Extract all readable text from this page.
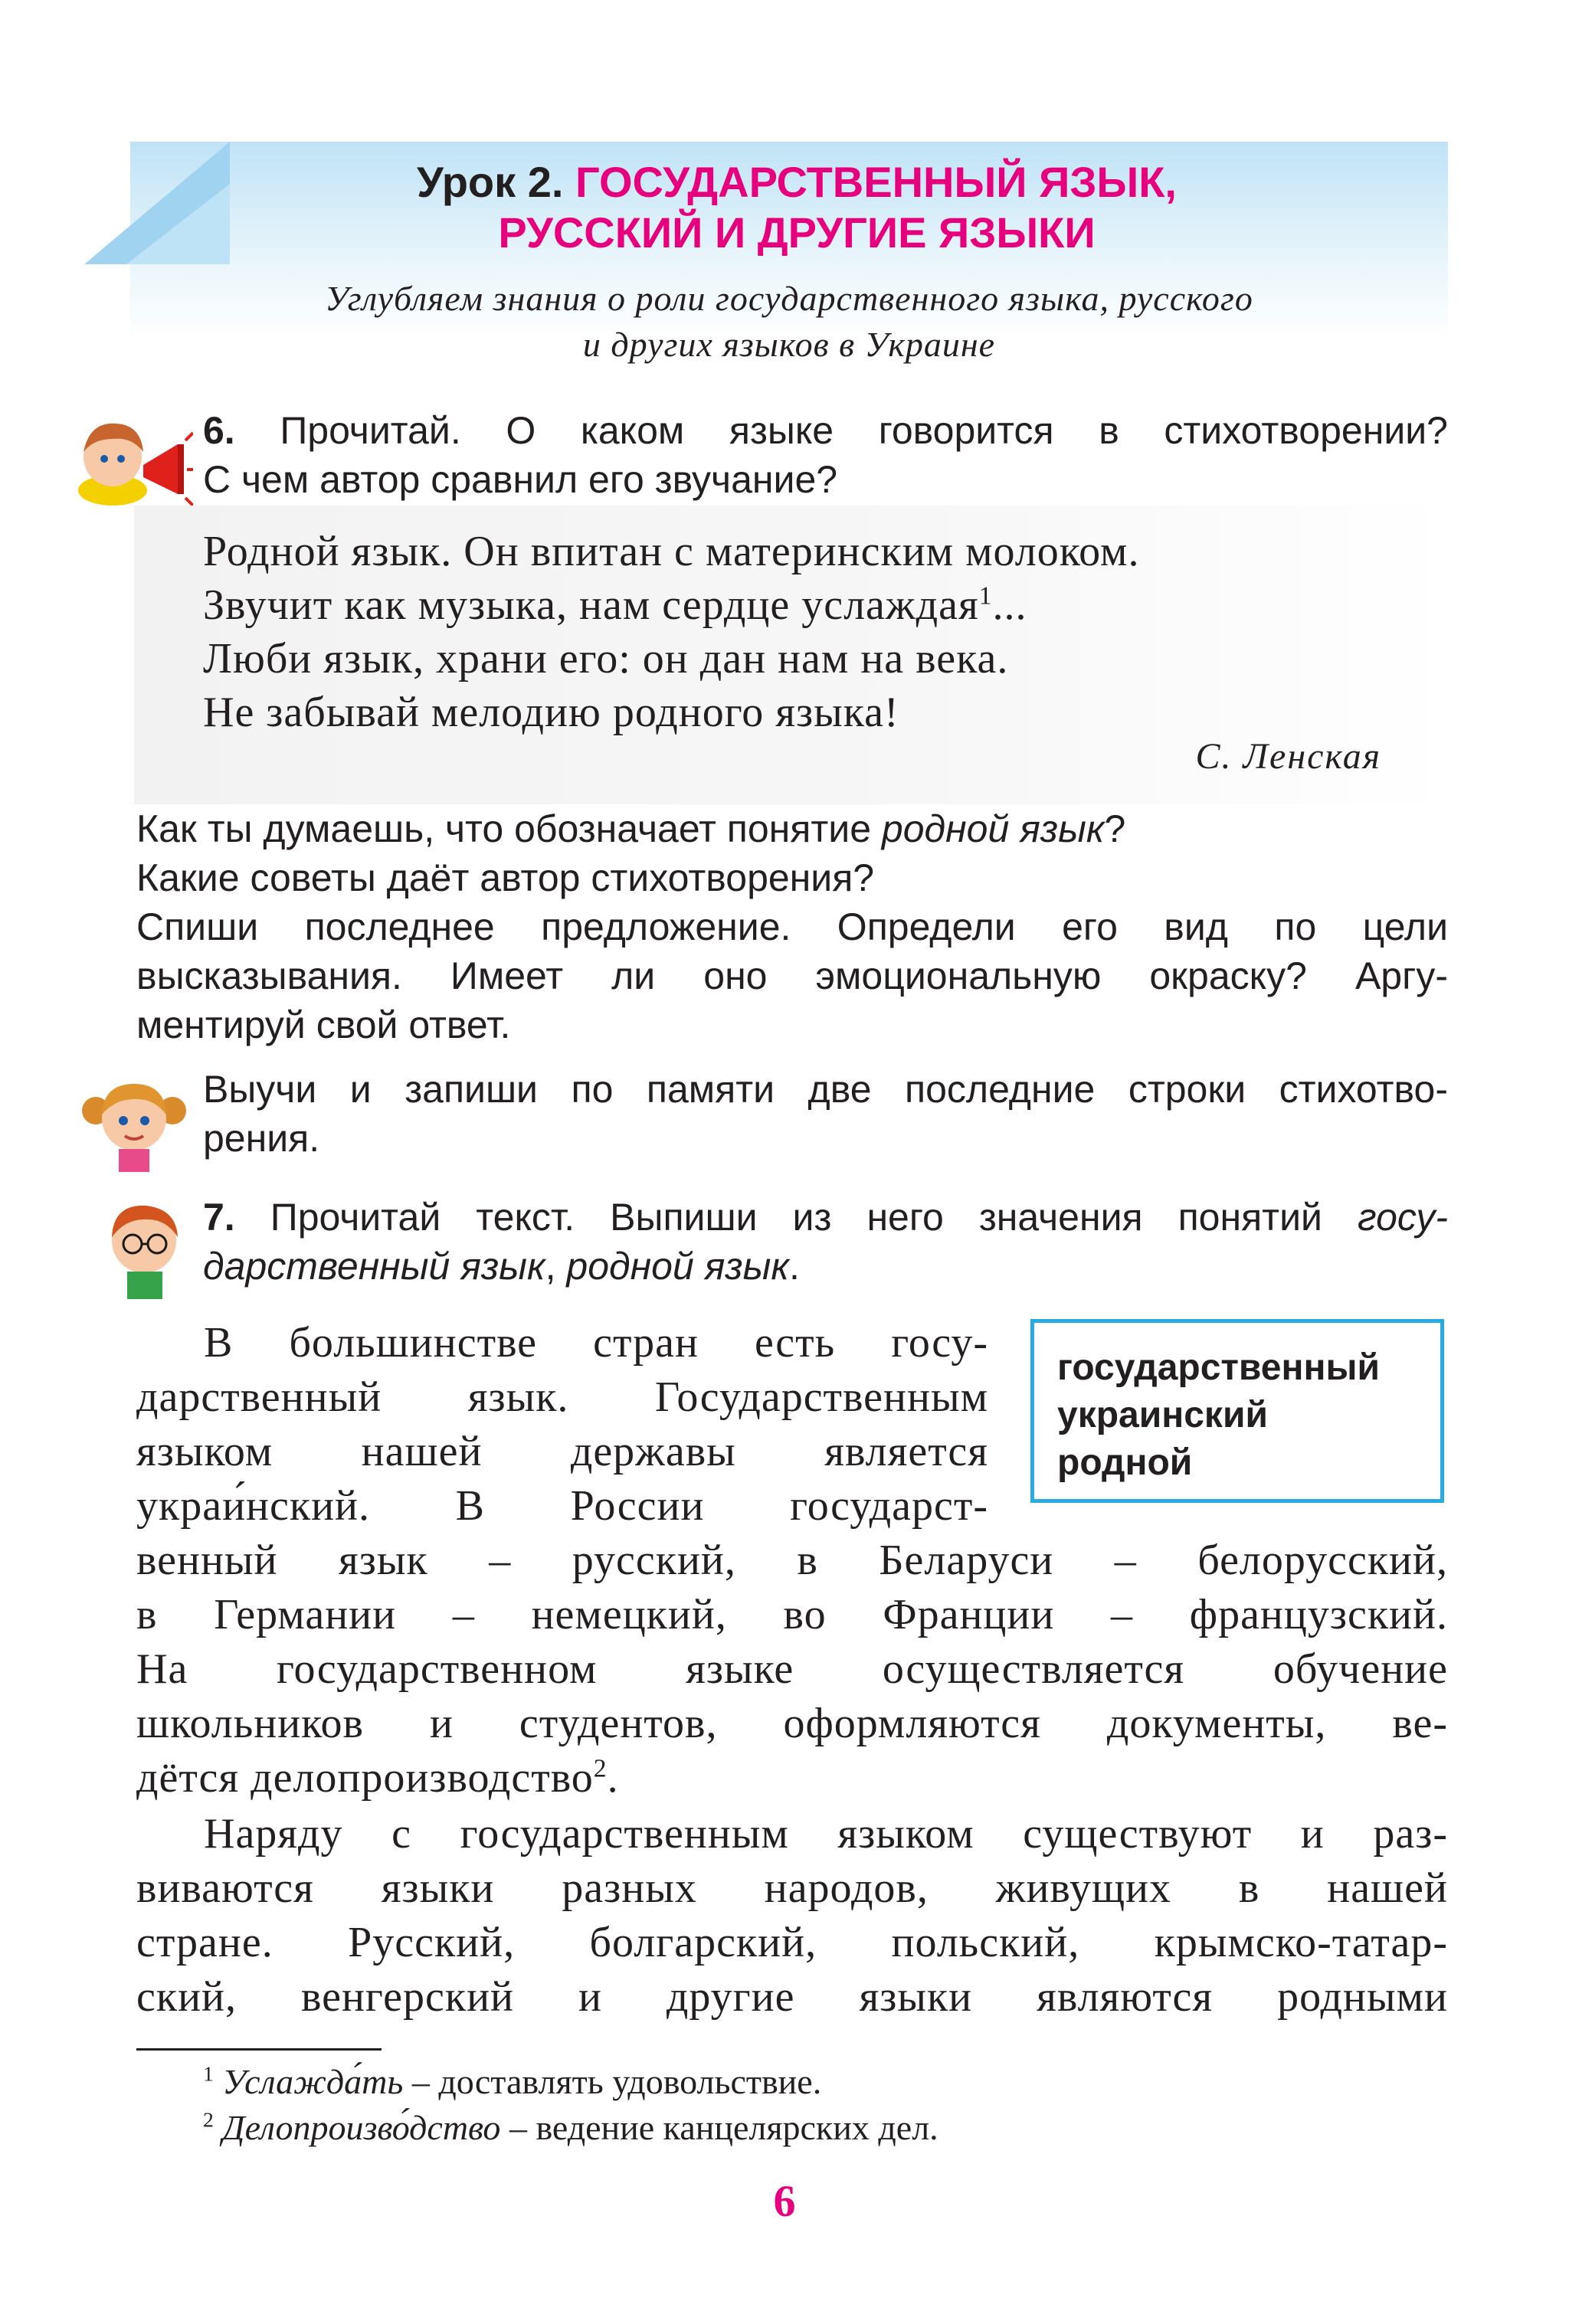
Урок 2. ГОСУДАРСТВЕННЫЙ ЯЗЫК,
РУССКИЙ И ДРУГИЕ ЯЗЫКИ
Углубляем знания о роли государственного языка, русского
и других языков в Украине
6. Прочитай. О каком языке говорится в стихотворении?
С чем автор сравнил его звучание?
Родной язык. Он впитан с материнским молоком.
Звучит как музыка, нам сердце услаждая$^1$...
Люби язык, храни его: он дан нам на века.
Не забывай мелодию родного языка!
С. Ленская
Как ты думаешь, что обозначает понятие родной язык?
Какие советы даёт автор стихотворения?
Спиши последнее предложение. Определи его вид по цели
высказывания. Имеет ли оно эмоциональную окраску? Аргу-
ментируй свой ответ.
Выучи и запиши по памяти две последние строки стихотво-
рения.
7. Прочитай текст. Выпиши из него значения понятий госу-
дарственный язык, родной язык.
государственный
украинский
родной
В большинстве стран есть госу-
дарственный язык. Государственным
языком нашей державы является
украи́нский. В России государст-
венный язык – русский, в Беларуси – белорусский,
в Германии – немецкий, во Франции – французский.
На государственном языке осуществляется обучение
школьников и студентов, оформляются документы, ве-
дётся делопроизводство$^2$.
Наряду с государственным языком существуют и раз-
виваются языки разных народов, живущих в нашей
стране. Русский, болгарский, польский, крымско-татар-
ский, венгерский и другие языки являются родными
$^1$ Услажда́ть – доставлять удовольствие.
$^2$ Делопроизво́дство – ведение канцелярских дел.
6
